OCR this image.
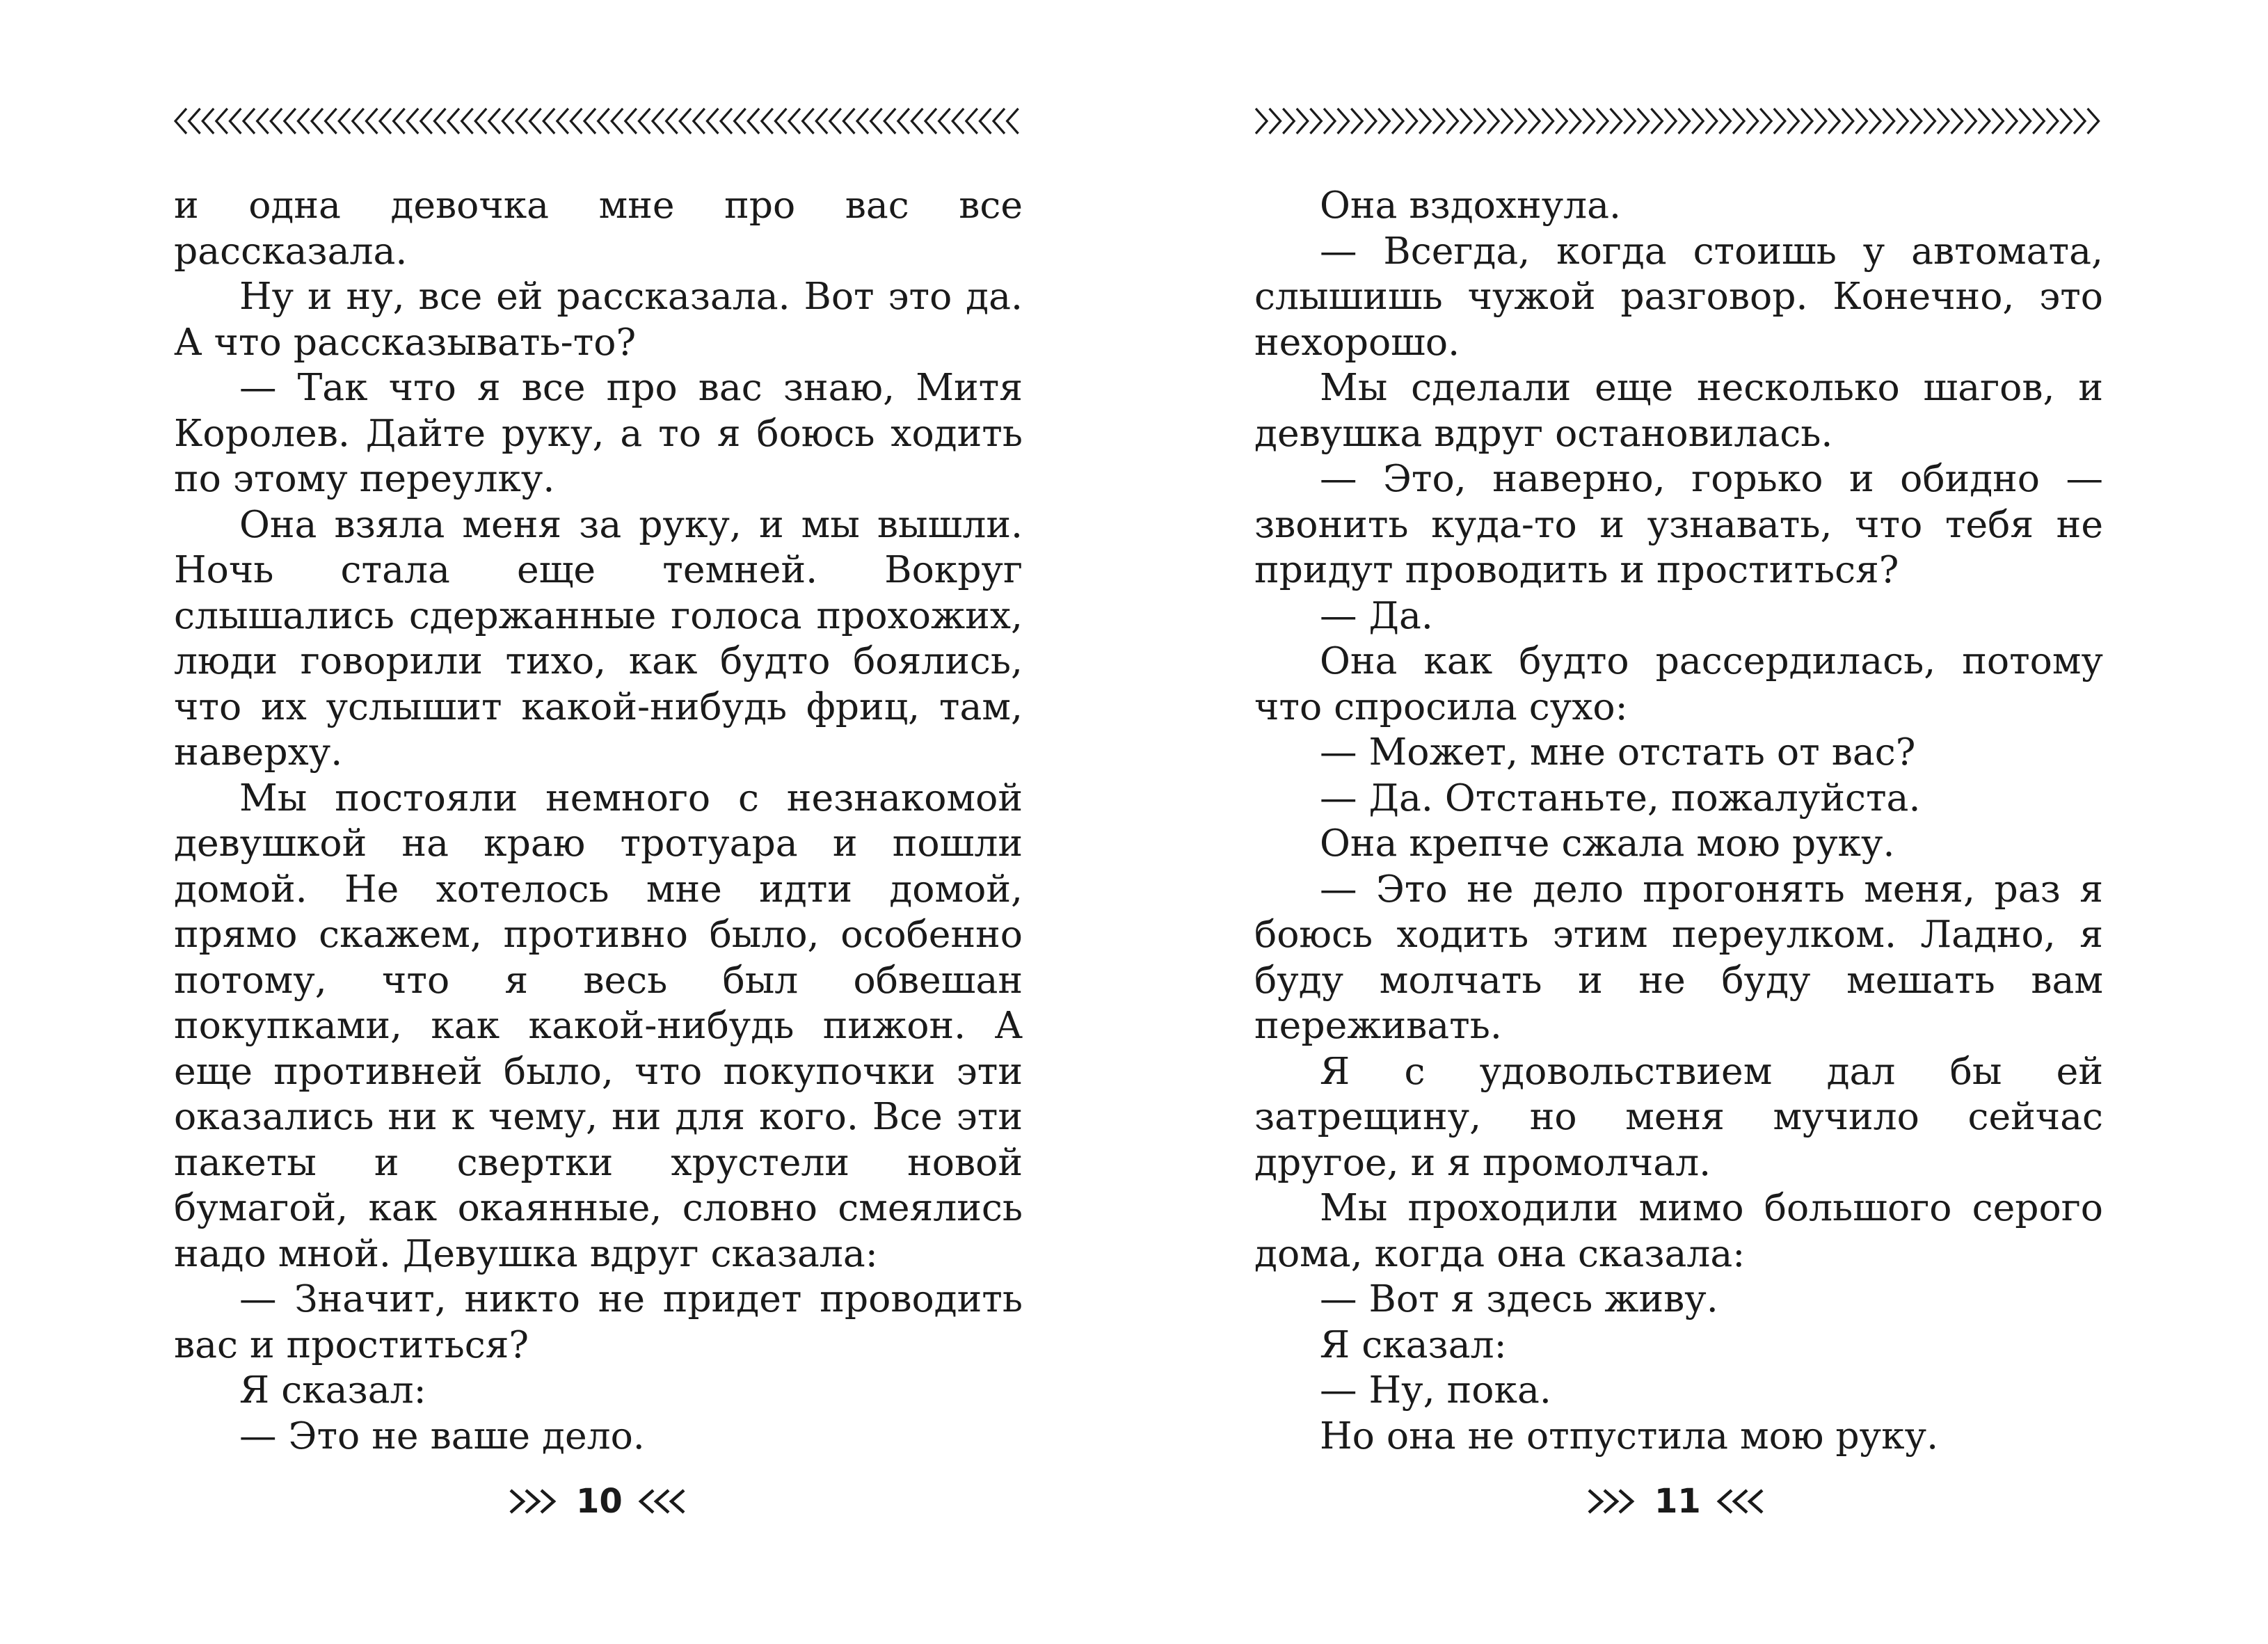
и одна девочка мне про вас все рассказала.

Ну и ну, все ей рассказала. Вот это да. А что рассказывать-то?

— Так что я все про вас знаю, Митя Королев. Дайте руку, а то я боюсь ходить по этому переулку.

Она взяла меня за руку, и мы вышли. Ночь стала еще темней. Вокруг слышались сдержанные голоса прохожих, люди говорили тихо, как будто боялись, что их услышит какой-нибудь фриц, там, наверху.

Мы постояли немного с незнакомой девушкой на краю тротуара и пошли домой. Не хотелось мне идти домой, прямо скажем, противно было, особенно потому, что я весь был обвешан покупками, как какой-нибудь пижон. А еще противней было, что покупочки эти оказались ни к чему, ни для кого. Все эти пакеты и свертки хрустели новой бумагой, как окаянные, словно смеялись надо мной. Девушка вдруг сказала:

— Значит, никто не придет проводить вас и проститься?

Я сказал:

— Это не ваше дело.

10

Она вздохнула.

— Всегда, когда стоишь у автомата, слышишь чужой разговор. Конечно, это нехорошо.

Мы сделали еще несколько шагов, и девушка вдруг остановилась.

— Это, наверно, горько и обидно — звонить куда-то и узнавать, что тебя не придут проводить и проститься?

— Да.

Она как будто рассердилась, потому что спросила сухо:

— Может, мне отстать от вас?

— Да. Отстаньте, пожалуйста.

Она крепче сжала мою руку.

— Это не дело прогонять меня, раз я боюсь ходить этим переулком. Ладно, я буду молчать и не буду мешать вам переживать.

Я с удовольствием дал бы ей затрещину, но меня мучило сейчас другое, и я промолчал.

Мы проходили мимо большого серого дома, когда она сказала:

— Вот я здесь живу.

Я сказал:

— Ну, пока.

Но она не отпустила мою руку.

11
